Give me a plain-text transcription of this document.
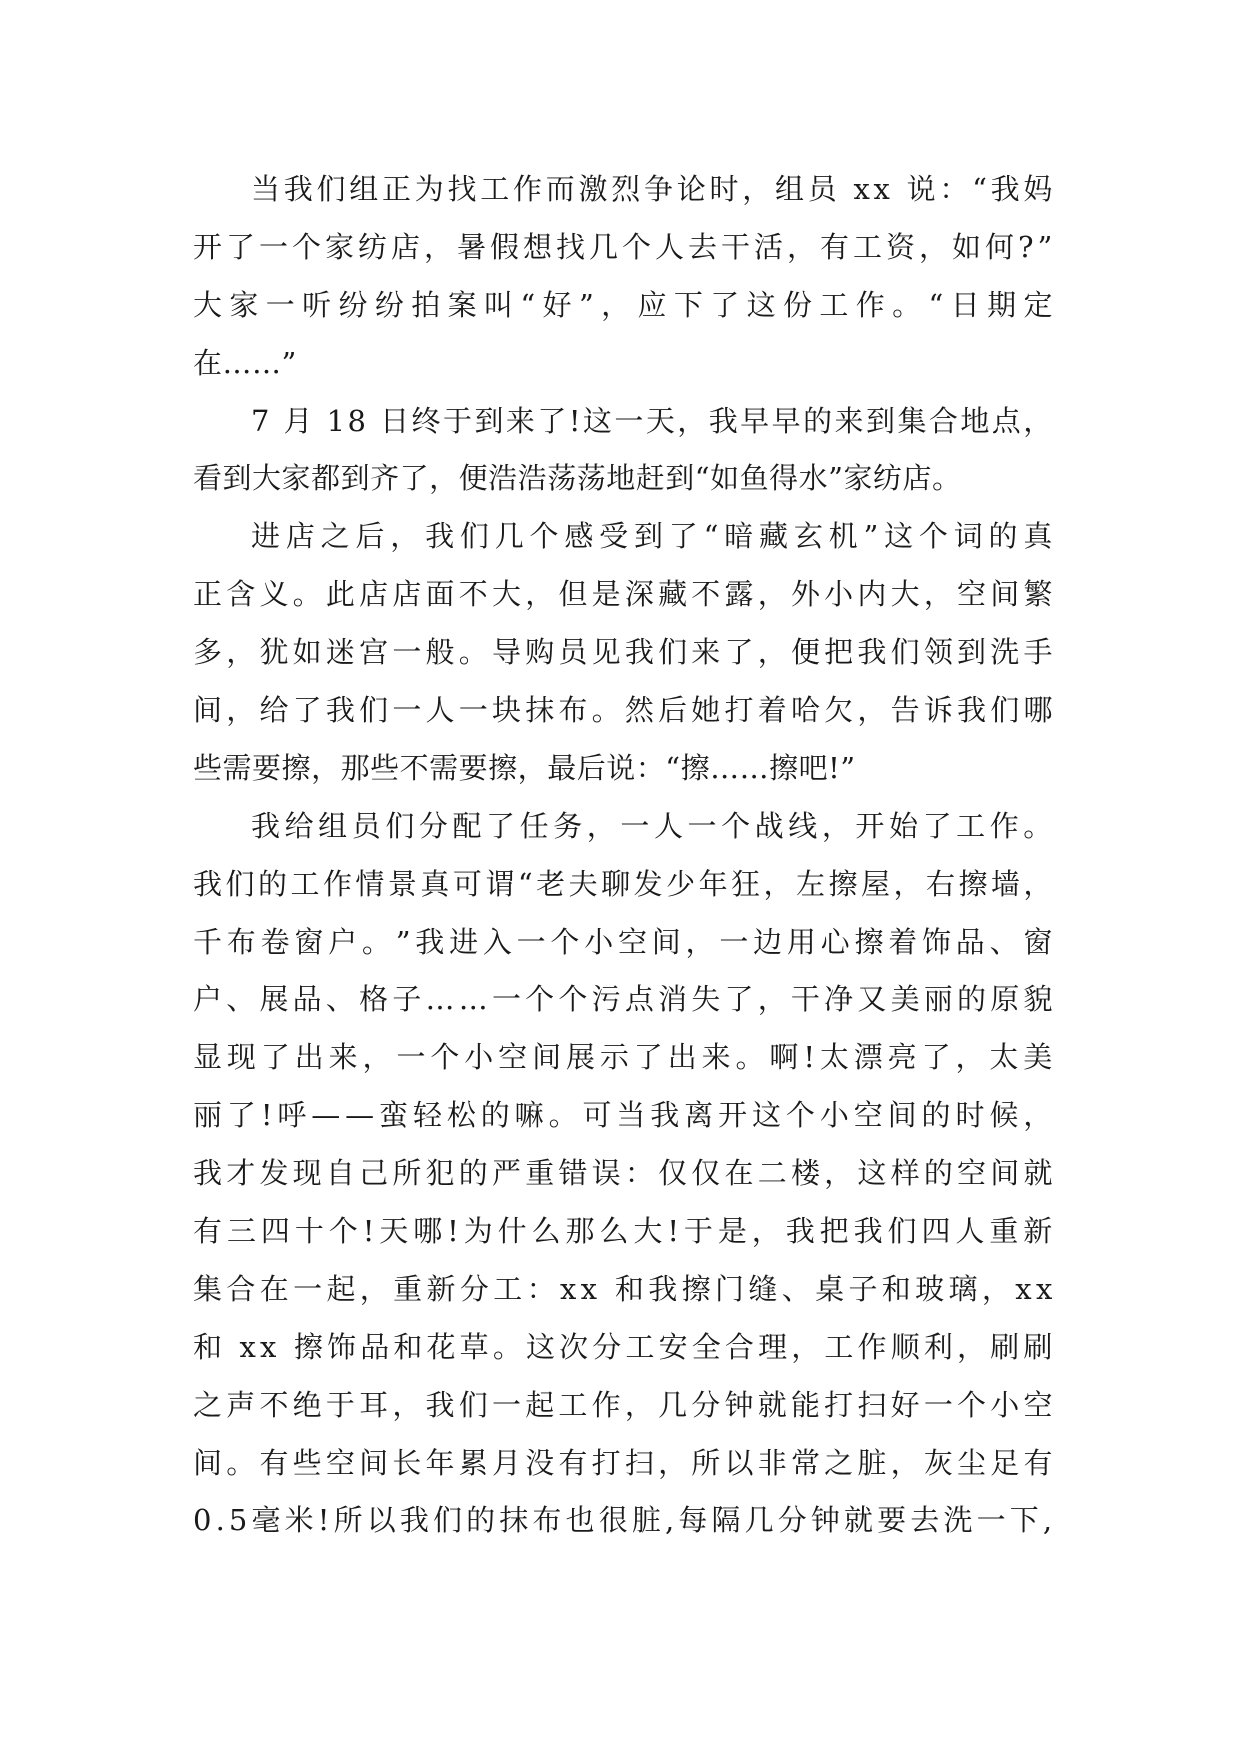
当 我 们 组 正 为 找 工 作 而 激 烈 争 论 时 ， 组 员
x x
说 ： “ 我 妈
开 了 一 个 家 纺 店 ， 暑 假 想 找 几 个 人 去 干 活 ， 有 工 资 ， 如 何 ? ”
大 家 一 听 纷 纷 拍 案 叫 “ 好 ” ， 应 下 了 这 份 工 作 。 “ 日 期 定
在 … … ”
7
月
1 8
日 终 于 到 来 了 ! 这 一 天 ， 我 早 早 的 来 到 集 合 地 点 ，
看 到 大 家 都 到 齐 了 ， 便 浩 浩 荡 荡 地 赶 到 “ 如 鱼 得 水 ” 家 纺 店 。
进 店 之 后 ， 我 们 几 个 感 受 到 了 “ 暗 藏 玄 机 ” 这 个 词 的 真
正 含 义 。 此 店 店 面 不 大 ， 但 是 深 藏 不 露 ， 外 小 内 大 ， 空 间 繁
多 ， 犹 如 迷 宫 一 般 。 导 购 员 见 我 们 来 了 ， 便 把 我 们 领 到 洗 手
间 ， 给 了 我 们 一 人 一 块 抹 布 。 然 后 她 打 着 哈 欠 ， 告 诉 我 们 哪
些 需 要 擦 ， 那 些 不 需 要 擦 ， 最 后 说 ： “ 擦 … … 擦 吧 ! ”
我 给 组 员 们 分 配 了 任 务 ， 一 人 一 个 战 线 ， 开 始 了 工 作 。
我 们 的 工 作 情 景 真 可 谓 “ 老 夫 聊 发 少 年 狂 ， 左 擦 屋 ， 右 擦 墙 ，
千 布 卷 窗 户 。 ” 我 进 入 一 个 小 空 间 ， 一 边 用 心 擦 着 饰 品 、 窗
户 、 展 品 、 格 子 … … 一 个 个 污 点 消 失 了 ， 干 净 又 美 丽 的 原 貌
显 现 了 出 来 ， 一 个 小 空 间 展 示 了 出 来 。 啊 ! 太 漂 亮 了 ， 太 美
丽 了 ! 呼 — — 蛮 轻 松 的 嘛 。 可 当 我 离 开 这 个 小 空 间 的 时 候 ，
我 才 发 现 自 己 所 犯 的 严 重 错 误 ： 仅 仅 在 二 楼 ， 这 样 的 空 间 就
有 三 四 十 个 ! 天 哪 ! 为 什 么 那 么 大 ! 于 是 ， 我 把 我 们 四 人 重 新
集 合 在 一 起 ， 重 新 分 工 ： x x
和 我 擦 门 缝 、 桌 子 和 玻 璃 ， x x
和
x x
擦 饰 品 和 花 草 。 这 次 分 工 安 全 合 理 ， 工 作 顺 利 ， 刷 刷
之 声 不 绝 于 耳 ， 我 们 一 起 工 作 ， 几 分 钟 就 能 打 扫 好 一 个 小 空
间 。 有 些 空 间 长 年 累 月 没 有 打 扫 ， 所 以 非 常 之 脏 ， 灰 尘 足 有
0 . 5 毫 米 ! 所 以 我 们 的 抹 布 也 很 脏 , 每 隔 几 分 钟 就 要 去 洗 一 下 ,
